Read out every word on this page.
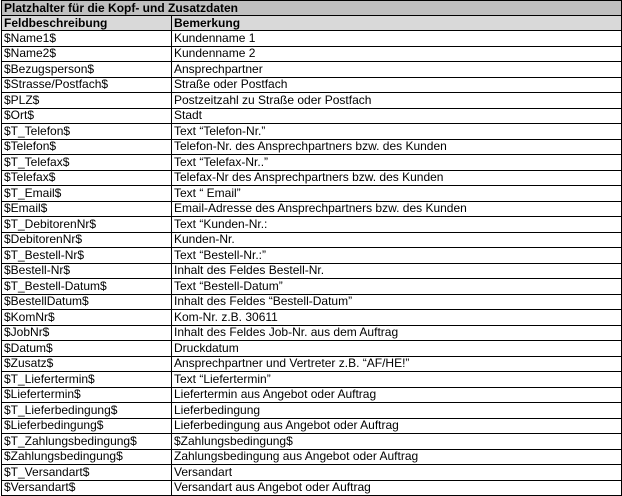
Platzhalter für die Kopf- und Zusatzdaten	
Feldbeschreibung	Bemerkung
$Name1$	Kundenname 1
$Name2$	Kundenname 2
$Bezugsperson$	Ansprechpartner
$Strasse/Postfach$	Straße oder Postfach
$PLZ$	Postzeitzahl zu Straße oder Postfach
$Ort$	Stadt
$T_Telefon$	Text “Telefon-Nr.”
$Telefon$	Telefon-Nr. des Ansprechpartners bzw. des Kunden
$T_Telefax$	Text “Telefax-Nr..”
$Telefax$	Telefax-Nr des Ansprechpartners bzw. des Kunden
$T_Email$	Text “ Email”
$Email$	Email-Adresse des Ansprechpartners bzw. des Kunden
$T_DebitorenNr$	Text “Kunden-Nr.:
$DebitorenNr$	Kunden-Nr.
$T_Bestell-Nr$	Text “Bestell-Nr.:”
$Bestell-Nr$	Inhalt des Feldes Bestell-Nr.
$T_Bestell-Datum$	Text “Bestell-Datum”
$BestellDatum$	Inhalt des Feldes “Bestell-Datum”
$KomNr$	Kom-Nr. z.B. 30611
$JobNr$	Inhalt des Feldes Job-Nr. aus dem Auftrag
$Datum$	Druckdatum
$Zusatz$	Ansprechpartner und Vertreter z.B. “AF/HE!”
$T_Liefertermin$	Text “Liefertermin”
$Liefertermin$	Liefertermin aus Angebot oder Auftrag
$T_Lieferbedingung$	Lieferbedingung
$Lieferbedingung$	Lieferbedingung aus Angebot oder Auftrag
$T_Zahlungsbedingung$	$Zahlungsbedingung$
$Zahlungsbedingung$	Zahlungsbedingung aus Angebot oder Auftrag
$T_Versandart$	Versandart
$Versandart$	Versandart aus Angebot oder Auftrag
